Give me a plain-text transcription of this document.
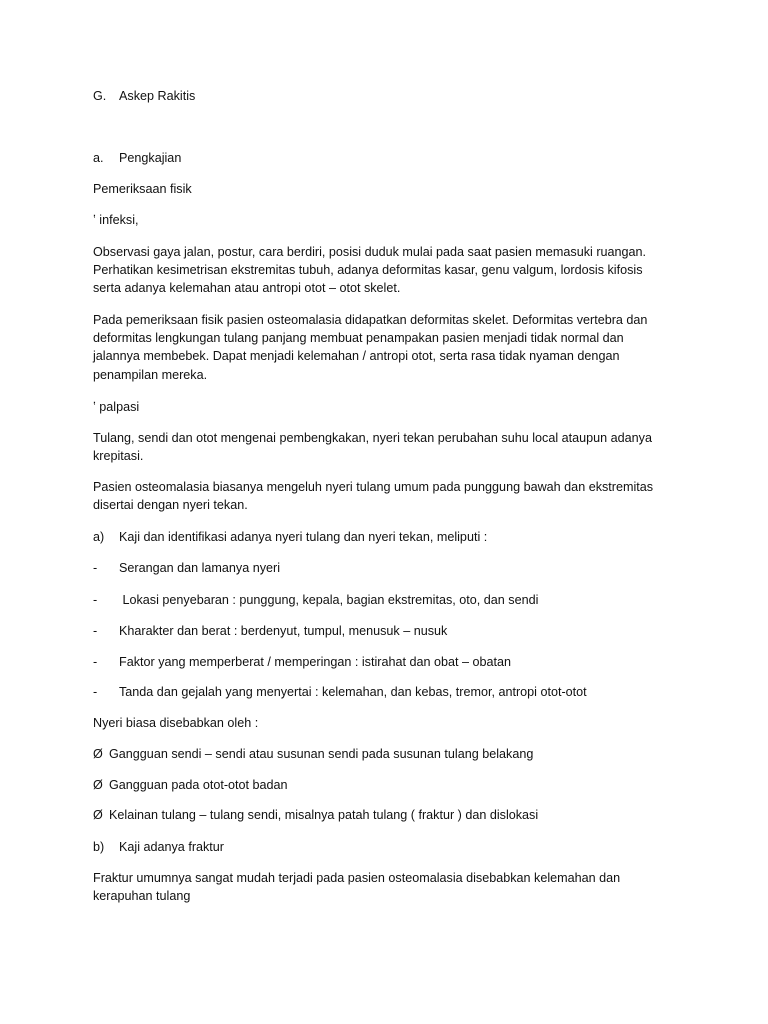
G. Askep Rakitis

a. Pengkajian

Pemeriksaan fisik

ʽ infeksi,

Observasi gaya jalan, postur, cara berdiri, posisi duduk mulai pada saat pasien memasuki ruangan.

Perhatikan kesimetrisan ekstremitas tubuh, adanya deformitas kasar, genu valgum, lordosis kifosis

serta adanya kelemahan atau antropi otot – otot skelet.

Pada pemeriksaan fisik pasien osteomalasia didapatkan deformitas skelet. Deformitas vertebra dan

deformitas lengkungan tulang panjang membuat penampakan pasien menjadi tidak normal dan

jalannya membebek. Dapat menjadi kelemahan / antropi otot, serta rasa tidak nyaman dengan

penampilan mereka.

ʽ palpasi

Tulang, sendi dan otot mengenai pembengkakan, nyeri tekan perubahan suhu local ataupun adanya

krepitasi.

Pasien osteomalasia biasanya mengeluh nyeri tulang umum pada punggung bawah dan ekstremitas

disertai dengan nyeri tekan.

a) Kaji dan identifikasi adanya nyeri tulang dan nyeri tekan, meliputi :

- Serangan dan lamanya nyeri

- Lokasi penyebaran : punggung, kepala, bagian ekstremitas, oto, dan sendi

- Kharakter dan berat : berdenyut, tumpul, menusuk – nusuk

- Faktor yang memperberat / memperingan : istirahat dan obat – obatan

- Tanda dan gejalah yang menyertai : kelemahan, dan kebas, tremor, antropi otot-otot

Nyeri biasa disebabkan oleh :

Ø Gangguan sendi – sendi atau susunan sendi pada susunan tulang belakang

Ø Gangguan pada otot-otot badan

Ø Kelainan tulang – tulang sendi, misalnya patah tulang ( fraktur ) dan dislokasi

b) Kaji adanya fraktur

Fraktur umumnya sangat mudah terjadi pada pasien osteomalasia disebabkan kelemahan dan

kerapuhan tulang
